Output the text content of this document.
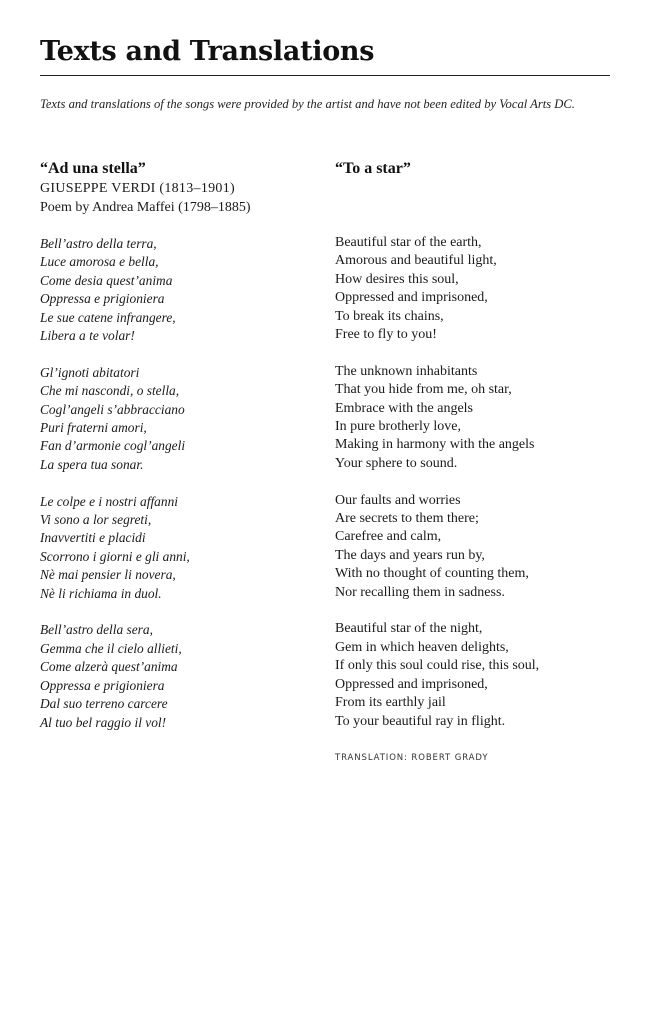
Texts and Translations
Texts and translations of the songs were provided by the artist and have not been edited by Vocal Arts DC.
“Ad una stella”
GIUSEPPE VERDI (1813–1901)
Poem by Andrea Maffei (1798–1885)
Bell’astro della terra,
Luce amorosa e bella,
Come desia quest’anima
Oppressa e prigioniera
Le sue catene infrangere,
Libera a te volar!
Gl’ignoti abitatori
Che mi nascondi, o stella,
Cogl’angeli s’abbracciano
Puri fraterni amori,
Fan d’armonie cogl’angeli
La spera tua sonar.
Le colpe e i nostri affanni
Vi sono a lor segreti,
Inavvertiti e placidi
Scorrono i giorni e gli anni,
Nè mai pensier li novera,
Nè li richiama in duol.
Bell’astro della sera,
Gemma che il cielo allieti,
Come alzerà quest’anima
Oppressa e prigioniera
Dal suo terreno carcere
Al tuo bel raggio il vol!
“To a star”
Beautiful star of the earth,
Amorous and beautiful light,
How desires this soul,
Oppressed and imprisoned,
To break its chains,
Free to fly to you!
The unknown inhabitants
That you hide from me, oh star,
Embrace with the angels
In pure brotherly love,
Making in harmony with the angels
Your sphere to sound.
Our faults and worries
Are secrets to them there;
Carefree and calm,
The days and years run by,
With no thought of counting them,
Nor recalling them in sadness.
Beautiful star of the night,
Gem in which heaven delights,
If only this soul could rise, this soul,
Oppressed and imprisoned,
From its earthly jail
To your beautiful ray in flight.
TRANSLATION: ROBERT GRADY
